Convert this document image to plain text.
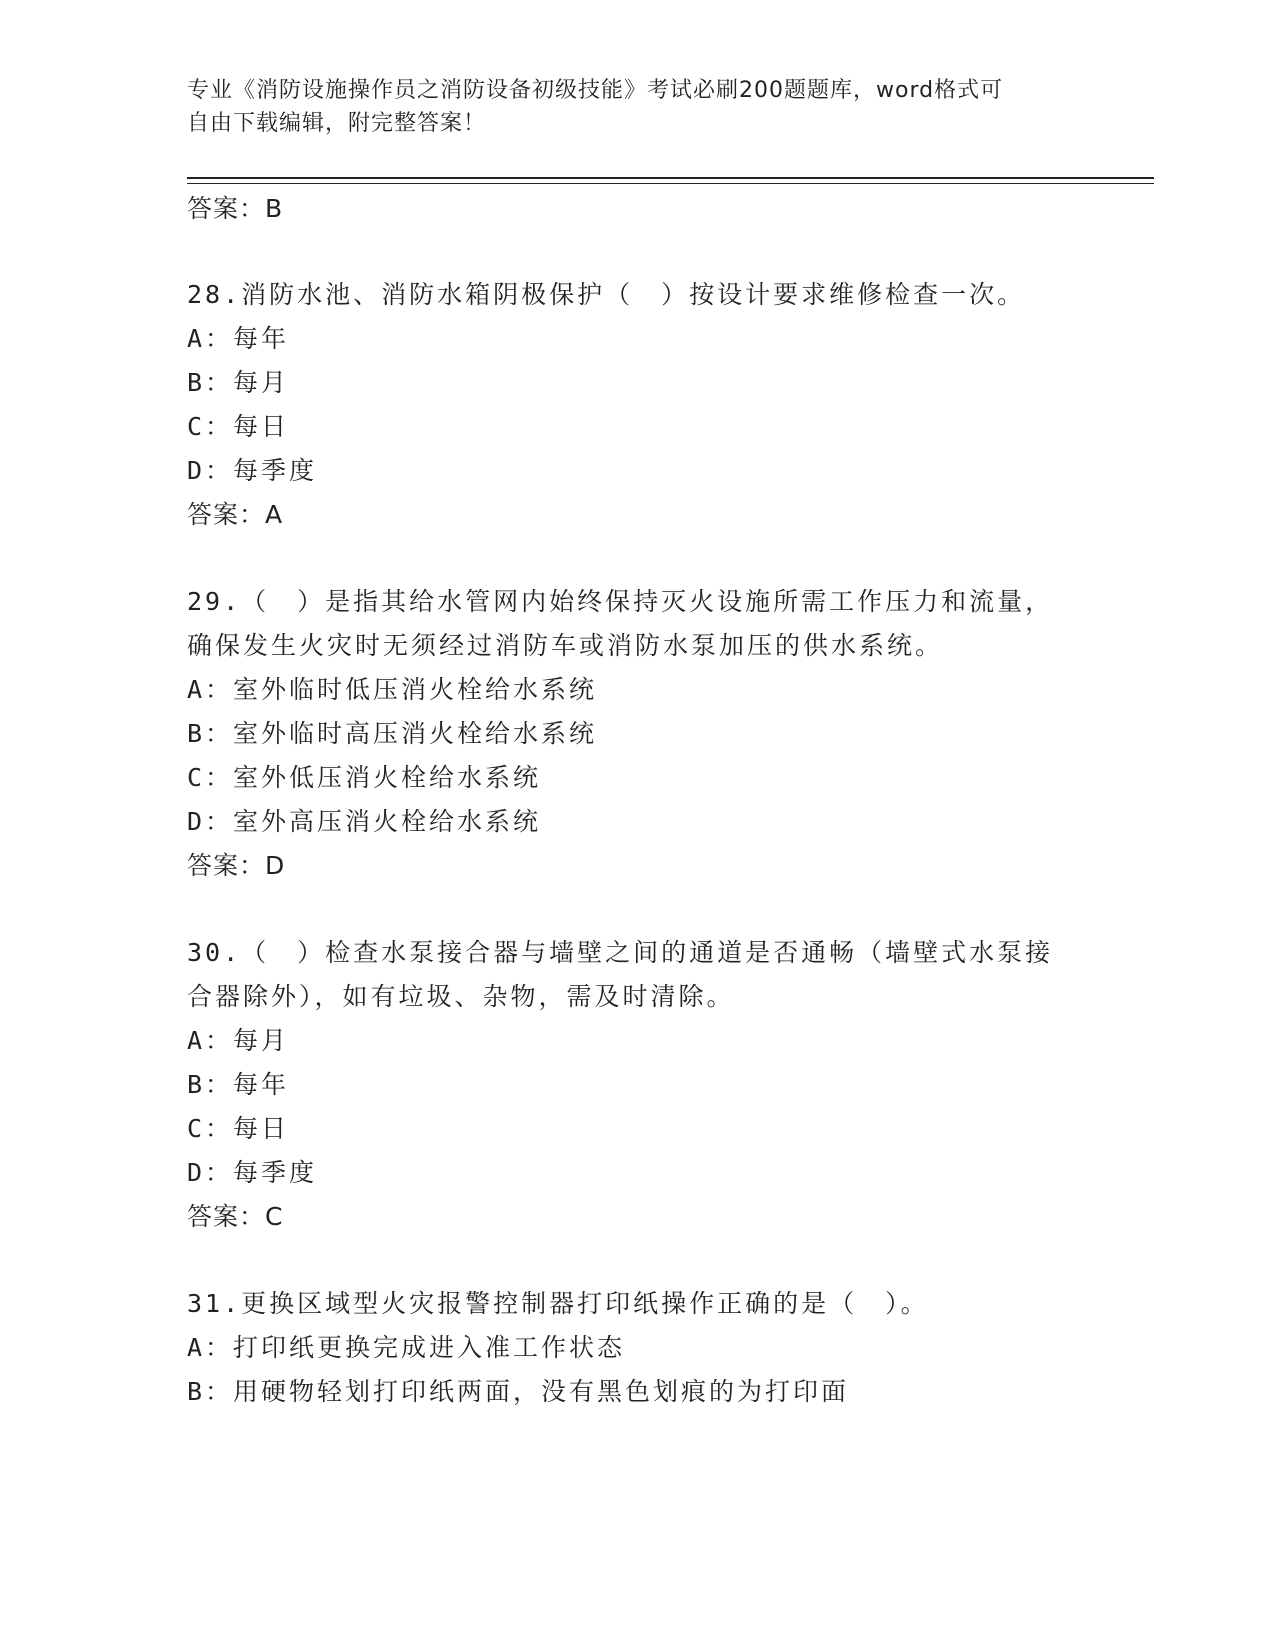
专业《消防设施操作员之消防设备初级技能》考试必刷200题题库，word格式可
自由下载编辑，附完整答案！
答案：B
28.消防水池、消防水箱阴极保护（　）按设计要求维修检查一次。
A：每年
B：每月
C：每日
D：每季度
答案：A
29.（　）是指其给水管网内始终保持灭火设施所需工作压力和流量，
确保发生火灾时无须经过消防车或消防水泵加压的供水系统。
A：室外临时低压消火栓给水系统
B：室外临时高压消火栓给水系统
C：室外低压消火栓给水系统
D：室外高压消火栓给水系统
答案：D
30.（　）检查水泵接合器与墙壁之间的通道是否通畅（墙壁式水泵接
合器除外），如有垃圾、杂物，需及时清除。
A：每月
B：每年
C：每日
D：每季度
答案：C
31.更换区域型火灾报警控制器打印纸操作正确的是（　）。
A：打印纸更换完成进入准工作状态
B：用硬物轻划打印纸两面，没有黑色划痕的为打印面
